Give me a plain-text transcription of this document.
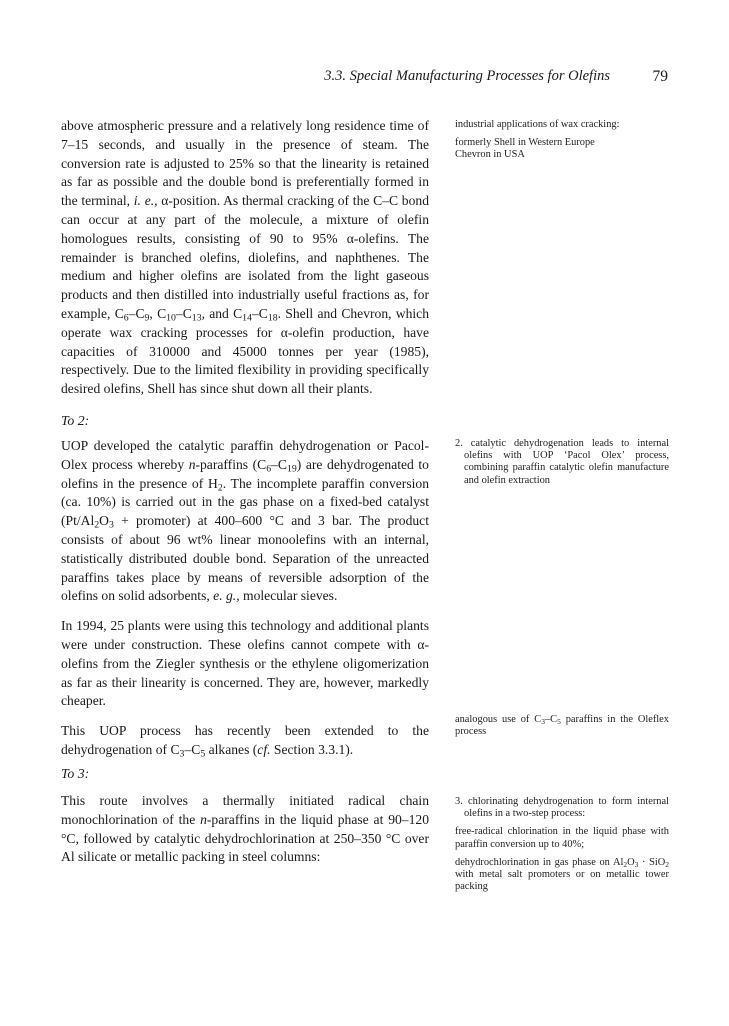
3.3. Special Manufacturing Processes for Olefins	79

above atmospheric pressure and a relatively long residence time of 7–15 seconds, and usually in the presence of steam. The conversion rate is adjusted to 25% so that the linearity is retained as far as possible and the double bond is preferentially formed in the terminal, i. e., α-position. As thermal cracking of the C–C bond can occur at any part of the molecule, a mixture of olefin homologues results, consisting of 90 to 95% α-olefins. The remainder is branched olefins, diolefins, and naphthenes. The medium and higher olefins are isolated from the light gaseous products and then distilled into industrially useful fractions as, for example, $C_6-C_9$, $C_{10}-C_{13}$, and $C_{14}-C_{18}$. Shell and Chevron, which operate wax cracking processes for α-olefin production, have capacities of 310000 and 45000 tonnes per year (1985), respectively. Due to the limited flexibility in providing specifically desired olefins, Shell has since shut down all their plants.

To 2:

UOP developed the catalytic paraffin dehydrogenation or Pacol-Olex process whereby n-paraffins $(C_6-C_{19})$ are dehydrogenated to olefins in the presence of $H_2$. The incomplete paraffin conversion (ca. 10%) is carried out in the gas phase on a fixed-bed catalyst ($Pt/Al_2O_3$ + promoter) at 400–600 °C and 3 bar. The product consists of about 96 wt% linear monoolefins with an internal, statistically distributed double bond. Separation of the unreacted paraffins takes place by means of reversible adsorption of the olefins on solid adsorbents, e. g., molecular sieves.

In 1994, 25 plants were using this technology and additional plants were under construction. These olefins cannot compete with α-olefins from the Ziegler synthesis or the ethylene oligomerization as far as their linearity is concerned. They are, however, markedly cheaper.

This UOP process has recently been extended to the dehydrogenation of $C_3-C_5$ alkanes (cf. Section 3.3.1).

To 3:

This route involves a thermally initiated radical chain monochlorination of the n-paraffins in the liquid phase at 90–120 °C, followed by catalytic dehydrochlorination at 250–350 °C over Al silicate or metallic packing in steel columns:

industrial applications of wax cracking:

formerly Shell in Western Europe

Chevron in USA

2. catalytic dehydrogenation leads to internal olefins with UOP ‘Pacol Olex’ process, combining paraffin catalytic olefin manufacture and olefin extraction

analogous use of $C_3-C_5$ paraffins in the Oleflex process

3. chlorinating dehydrogenation to form internal olefins in a two-step process:

free-radical chlorination in the liquid phase with paraffin conversion up to 40%;

dehydrochlorination in gas phase on $Al_2O_3 \cdot SiO_2$ with metal salt promoters or on metallic tower packing
